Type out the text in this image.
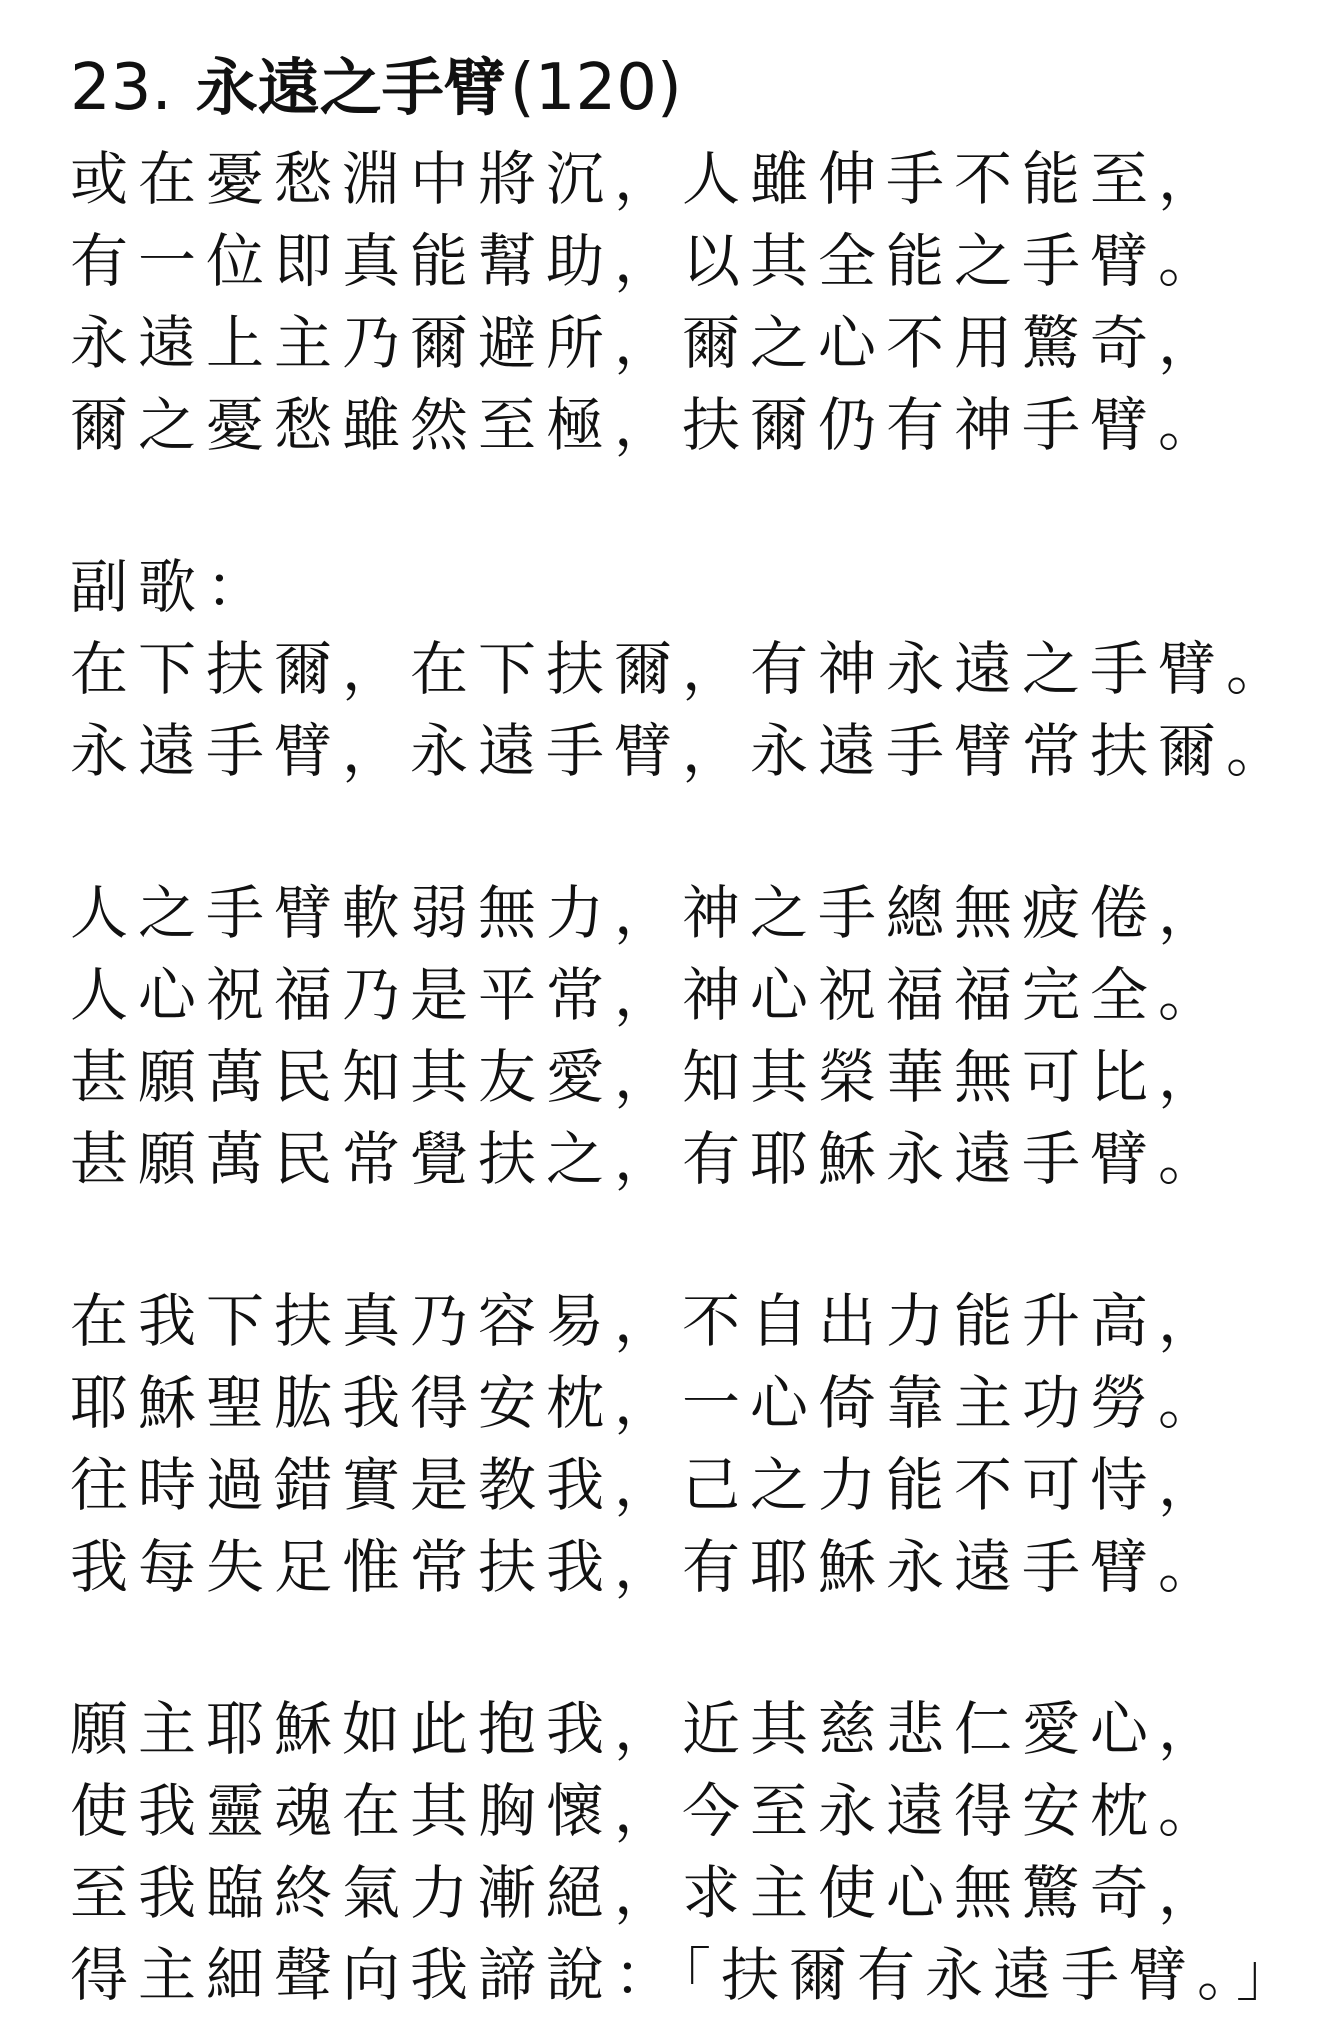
23. 永遠之手臂 (120)
或在憂愁淵中將沉，人雖伸手不能至，
有一位即真能幫助，以其全能之手臂。
永遠上主乃爾避所，爾之心不用驚奇，
爾之憂愁雖然至極，扶爾仍有神手臂。
副歌：
在下扶爾，在下扶爾，有神永遠之手臂。
永遠手臂，永遠手臂，永遠手臂常扶爾。
人之手臂軟弱無力，神之手總無疲倦，
人心祝福乃是平常，神心祝福福完全。
甚願萬民知其友愛，知其榮華無可比，
甚願萬民常覺扶之，有耶穌永遠手臂。
在我下扶真乃容易，不自出力能升高，
耶穌聖肱我得安枕，一心倚靠主功勞。
往時過錯實是教我，己之力能不可恃，
我每失足惟常扶我，有耶穌永遠手臂。
願主耶穌如此抱我，近其慈悲仁愛心，
使我靈魂在其胸懷，今至永遠得安枕。
至我臨終氣力漸絕，求主使心無驚奇，
得主細聲向我諦說：「扶爾有永遠手臂。」
